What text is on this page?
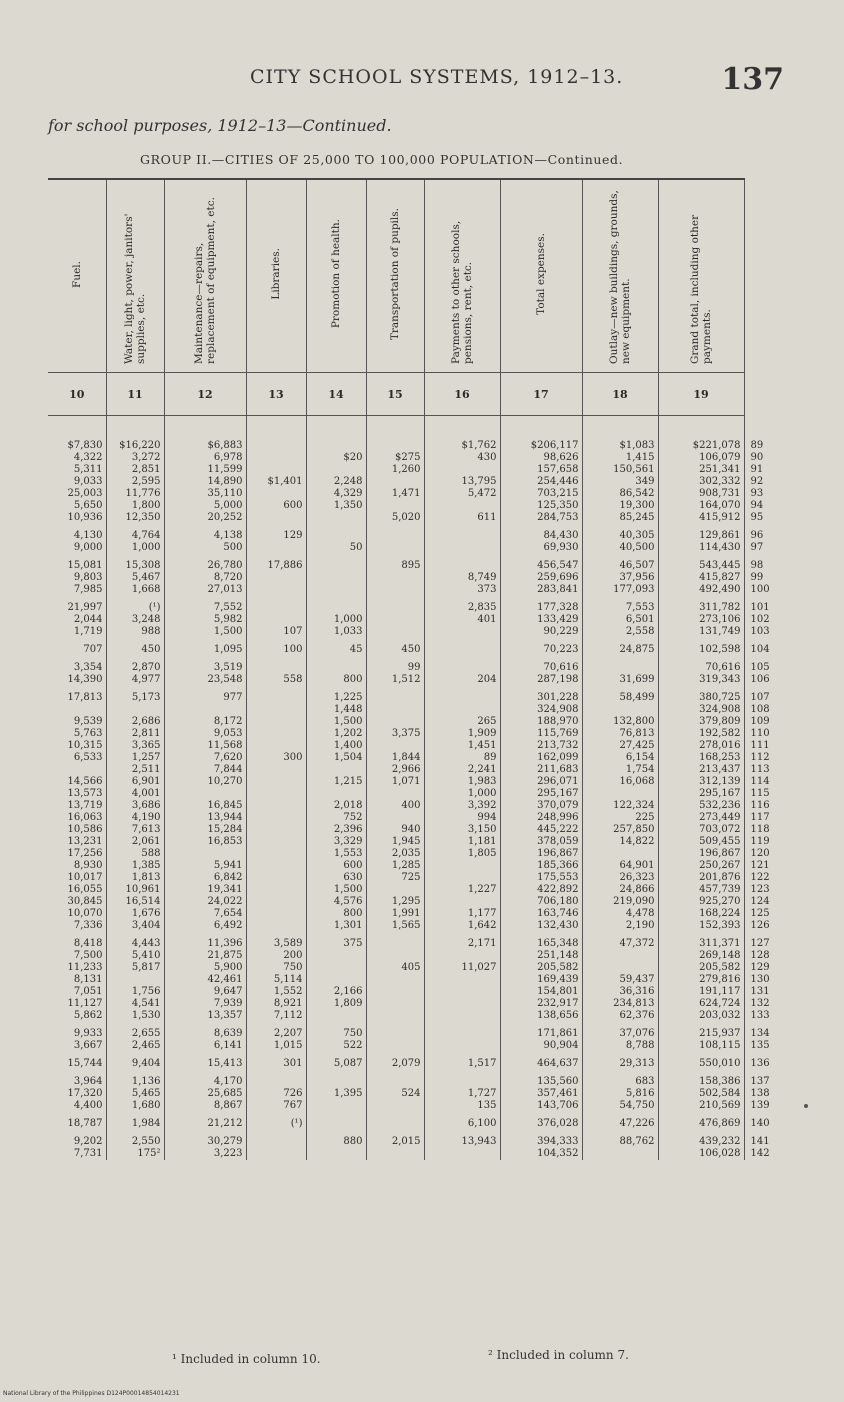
CITY SCHOOL SYSTEMS, 1912–13.	137
for school purposes, 1912–13—Continued.
GROUP II.—CITIES OF 25,000 TO 100,000 POPULATION—Continued.
Fuel.	Water, light, power, janitors' supplies, etc.	Maintenance—repairs, replacement of equipment, etc.	Libraries.	Promotion of health.	Transportation of pupils.	Payments to other schools, pensions, rent, etc.	Total expenses.	Outlay—new buildings, grounds, new equipment.	Grand total, including other payments.	
10	11	12	13	14	15	16	17	18	19	
$7,830	$16,220	$6,883				$1,762	$206,117	$1,083	$221,078	89
4,322	3,272	6,978		$20	$275	430	98,626	1,415	106,079	90
5,311	2,851	11,599			1,260		157,658	150,561	251,341	91
9,033	2,595	14,890	$1,401	2,248		13,795	254,446	349	302,332	92
25,003	11,776	35,110		4,329	1,471	5,472	703,215	86,542	908,731	93
5,650	1,800	5,000	600	1,350			125,350	19,300	164,070	94
10,936	12,350	20,252			5,020	611	284,753	85,245	415,912	95

4,130	4,764	4,138	129				84,430	40,305	129,861	96
9,000	1,000	500		50			69,930	40,500	114,430	97

15,081	15,308	26,780	17,886		895		456,547	46,507	543,445	98
9,803	5,467	8,720				8,749	259,696	37,956	415,827	99
7,985	1,668	27,013				373	283,841	177,093	492,490	100

21,997	(¹)	7,552				2,835	177,328	7,553	311,782	101
2,044	3,248	5,982		1,000		401	133,429	6,501	273,106	102
1,719	988	1,500	107	1,033			90,229	2,558	131,749	103

707	450	1,095	100	45	450		70,223	24,875	102,598	104

3,354	2,870	3,519			99		70,616		70,616	105
14,390	4,977	23,548	558	800	1,512	204	287,198	31,699	319,343	106

17,813	5,173	977		1,225			301,228	58,499	380,725	107
				1,448			324,908		324,908	108
9,539	2,686	8,172		1,500		265	188,970	132,800	379,809	109
5,763	2,811	9,053		1,202	3,375	1,909	115,769	76,813	192,582	110
10,315	3,365	11,568		1,400		1,451	213,732	27,425	278,016	111
6,533	1,257	7,620	300	1,504	1,844	89	162,099	6,154	168,253	112
	2,511	7,844			2,966	2,241	211,683	1,754	213,437	113
14,566	6,901	10,270		1,215	1,071	1,983	296,071	16,068	312,139	114
13,573	4,001					1,000	295,167		295,167	115
13,719	3,686	16,845		2,018	400	3,392	370,079	122,324	532,236	116
16,063	4,190	13,944		752		994	248,996	225	273,449	117
10,586	7,613	15,284		2,396	940	3,150	445,222	257,850	703,072	118
13,231	2,061	16,853		3,329	1,945	1,181	378,059	14,822	509,455	119
17,256	588			1,553	2,035	1,805	196,867		196,867	120
8,930	1,385	5,941		600	1,285		185,366	64,901	250,267	121
10,017	1,813	6,842		630	725		175,553	26,323	201,876	122
16,055	10,961	19,341		1,500		1,227	422,892	24,866	457,739	123
30,845	16,514	24,022		4,576	1,295		706,180	219,090	925,270	124
10,070	1,676	7,654		800	1,991	1,177	163,746	4,478	168,224	125
7,336	3,404	6,492		1,301	1,565	1,642	132,430	2,190	152,393	126

8,418	4,443	11,396	3,589	375		2,171	165,348	47,372	311,371	127
7,500	5,410	21,875	200				251,148		269,148	128
11,233	5,817	5,900	750		405	11,027	205,582		205,582	129
8,131		42,461	5,114				169,439	59,437	279,816	130
7,051	1,756	9,647	1,552	2,166			154,801	36,316	191,117	131
11,127	4,541	7,939	8,921	1,809			232,917	234,813	624,724	132
5,862	1,530	13,357	7,112				138,656	62,376	203,032	133

9,933	2,655	8,639	2,207	750			171,861	37,076	215,937	134
3,667	2,465	6,141	1,015	522			90,904	8,788	108,115	135

15,744	9,404	15,413	301	5,087	2,079	1,517	464,637	29,313	550,010	136

3,964	1,136	4,170					135,560	683	158,386	137
17,320	5,465	25,685	726	1,395	524	1,727	357,461	5,816	502,584	138
4,400	1,680	8,867	767			135	143,706	54,750	210,569	139

18,787	1,984	21,212	(¹)			6,100	376,028	47,226	476,869	140

9,202	2,550	30,279		880	2,015	13,943	394,333	88,762	439,232	141
7,731	175²	3,223					104,352		106,028	142
¹ Included in column 10.	² Included in column 7.
National Library of the Philippines D124P00014854014231
